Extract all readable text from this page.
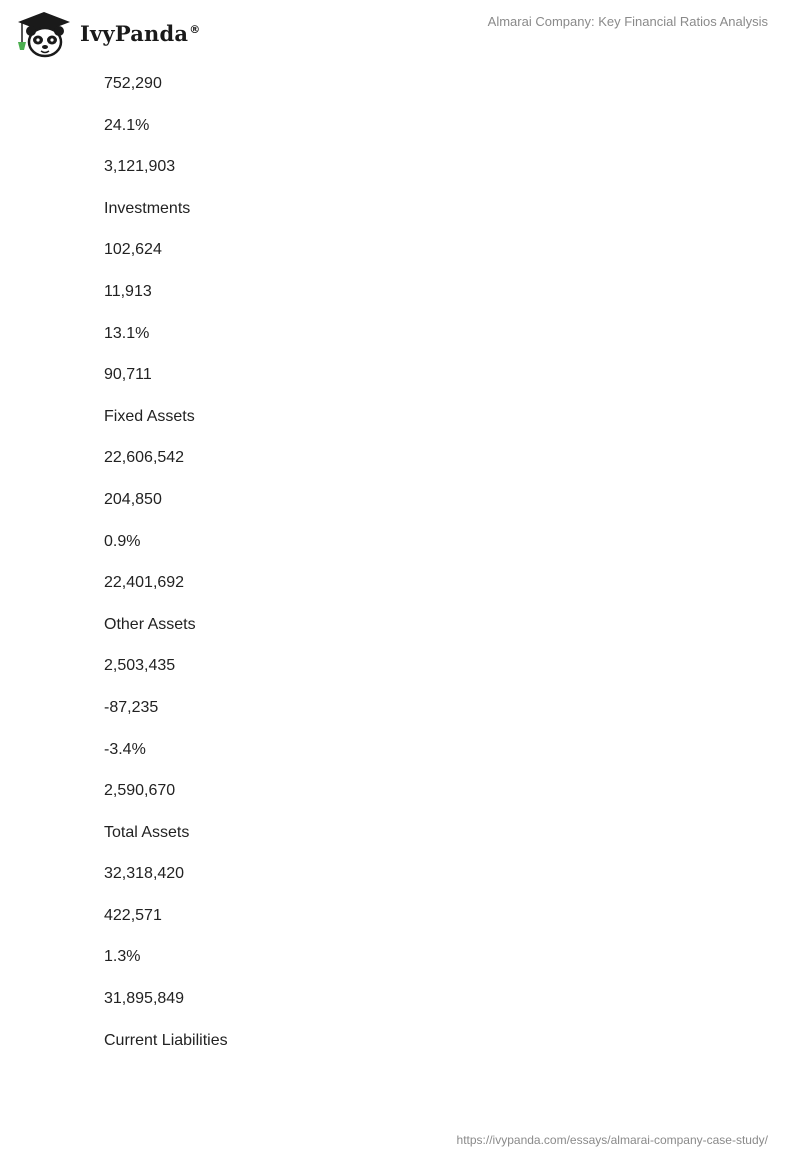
IvyPanda®	Almarai Company: Key Financial Ratios Analysis
752,290
24.1%
3,121,903
Investments
102,624
11,913
13.1%
90,711
Fixed Assets
22,606,542
204,850
0.9%
22,401,692
Other Assets
2,503,435
-87,235
-3.4%
2,590,670
Total Assets
32,318,420
422,571
1.3%
31,895,849
Current Liabilities
https://ivypanda.com/essays/almarai-company-case-study/
